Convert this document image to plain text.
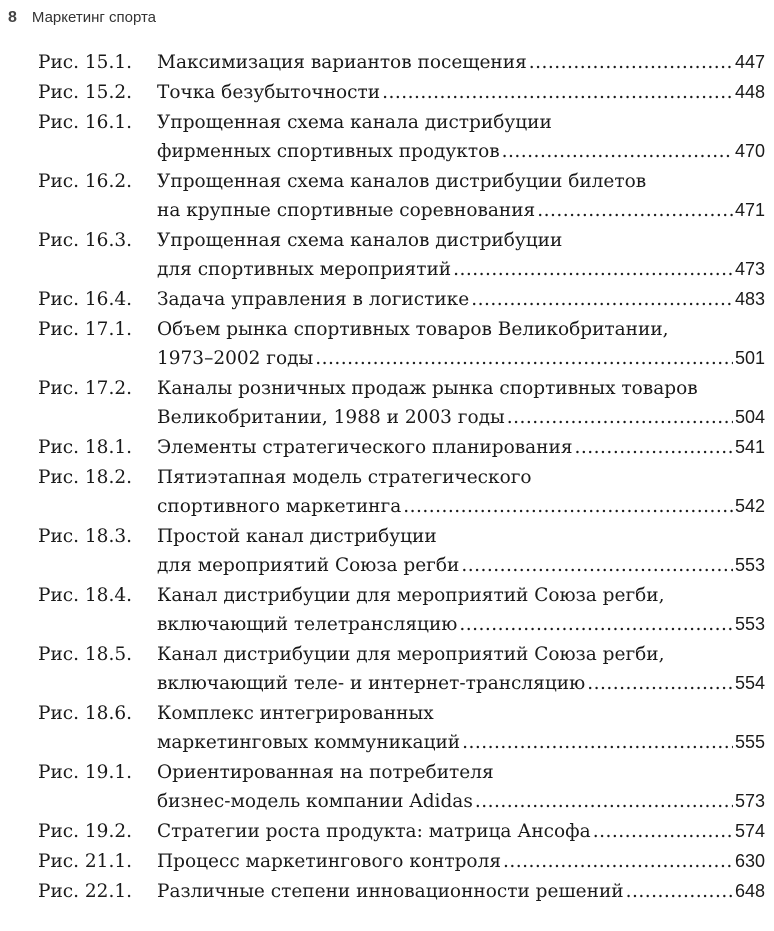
8 Маркетинг спорта
Рис. 15.1.	Максимизация вариантов посещения .....	447
Рис. 15.2.	Точка безубыточности .....	448
Рис. 16.1.	Упрощенная схема канала дистрибуции
фирменных спортивных продуктов .....	470
Рис. 16.2.	Упрощенная схема каналов дистрибуции билетов
на крупные спортивные соревнования .....	471
Рис. 16.3.	Упрощенная схема каналов дистрибуции
для спортивных мероприятий .....	473
Рис. 16.4.	Задача управления в логистике .....	483
Рис. 17.1.	Объем рынка спортивных товаров Великобритании,
1973–2002 годы .....	501
Рис. 17.2.	Каналы розничных продаж рынка спортивных товаров
Великобритании, 1988 и 2003 годы .....	504
Рис. 18.1.	Элементы стратегического планирования .....	541
Рис. 18.2.	Пятиэтапная модель стратегического
спортивного маркетинга .....	542
Рис. 18.3.	Простой канал дистрибуции
для мероприятий Союза регби .....	553
Рис. 18.4.	Канал дистрибуции для мероприятий Союза регби,
включающий телетрансляцию .....	553
Рис. 18.5.	Канал дистрибуции для мероприятий Союза регби,
включающий теле- и интернет-трансляцию .....	554
Рис. 18.6.	Комплекс интегрированных
маркетинговых коммуникаций .....	555
Рис. 19.1.	Ориентированная на потребителя
бизнес-модель компании Adidas .....	573
Рис. 19.2.	Стратегии роста продукта: матрица Ансофа .....	574
Рис. 21.1.	Процесс маркетингового контроля .....	630
Рис. 22.1.	Различные степени инновационности решений .....	648
